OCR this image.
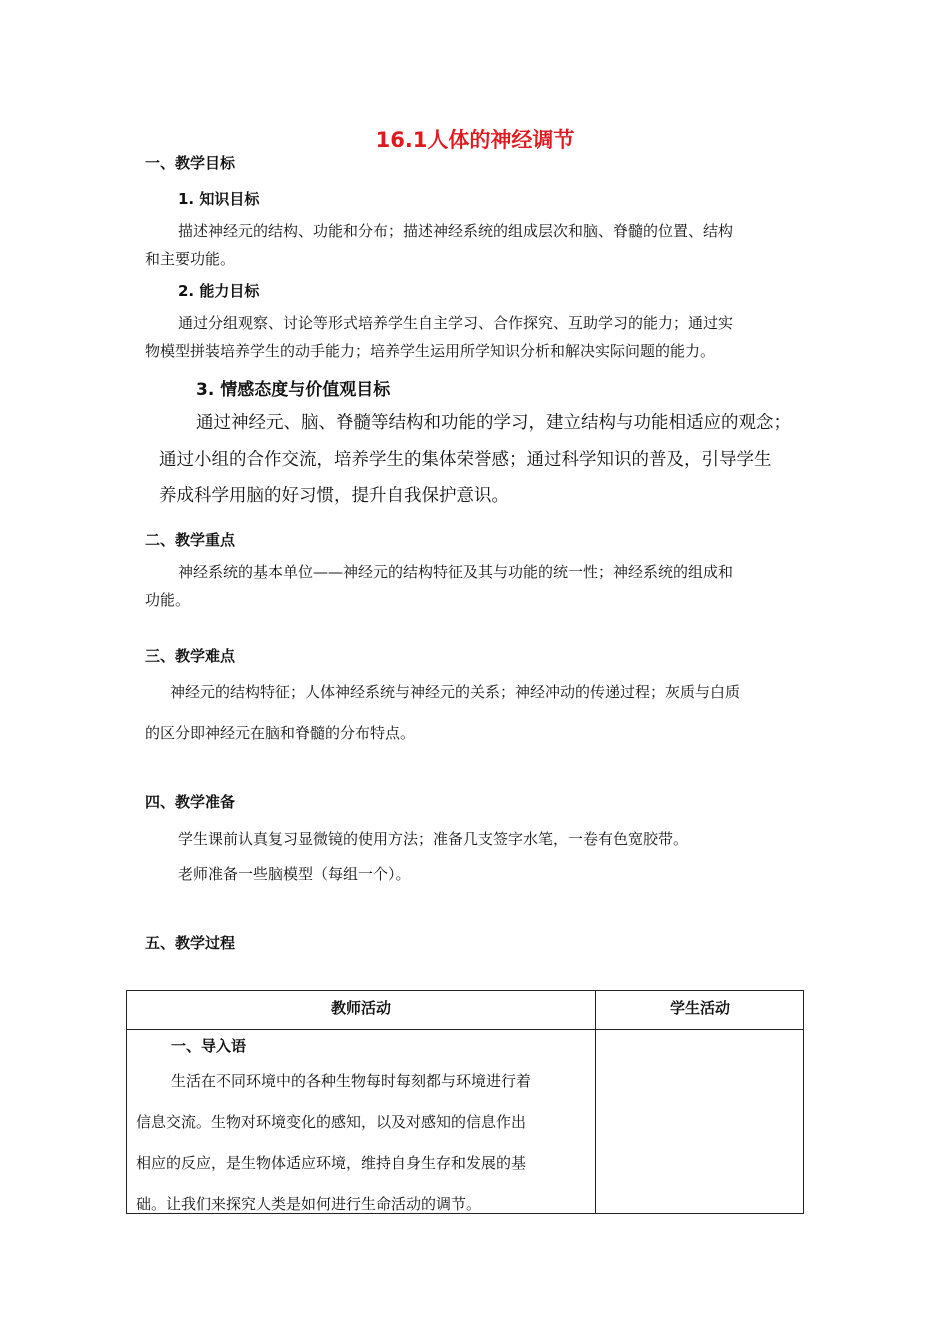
16.1人体的神经调节
一、教学目标
1. 知识目标
描述神经元的结构、功能和分布；描述神经系统的组成层次和脑、脊髓的位置、结构
和主要功能。
2. 能力目标
通过分组观察、讨论等形式培养学生自主学习、合作探究、互助学习的能力；通过实
物模型拼装培养学生的动手能力；培养学生运用所学知识分析和解决实际问题的能力。
3. 情感态度与价值观目标
通过神经元、脑、脊髓等结构和功能的学习，建立结构与功能相适应的观念；
通过小组的合作交流，培养学生的集体荣誉感；通过科学知识的普及，引导学生
养成科学用脑的好习惯，提升自我保护意识。
二、教学重点
神经系统的基本单位——神经元的结构特征及其与功能的统一性；神经系统的组成和
功能。
三、教学难点
神经元的结构特征；人体神经系统与神经元的关系；神经冲动的传递过程；灰质与白质
的区分即神经元在脑和脊髓的分布特点。
四、教学准备
学生课前认真复习显微镜的使用方法；准备几支签字水笔，一卷有色宽胶带。
老师准备一些脑模型（每组一个）。
五、教学过程
教师活动	学生活动
一、导入语
生活在不同环境中的各种生物每时每刻都与环境进行着
信息交流。生物对环境变化的感知，以及对感知的信息作出
相应的反应，是生物体适应环境，维持自身生存和发展的基
础。让我们来探究人类是如何进行生命活动的调节。
